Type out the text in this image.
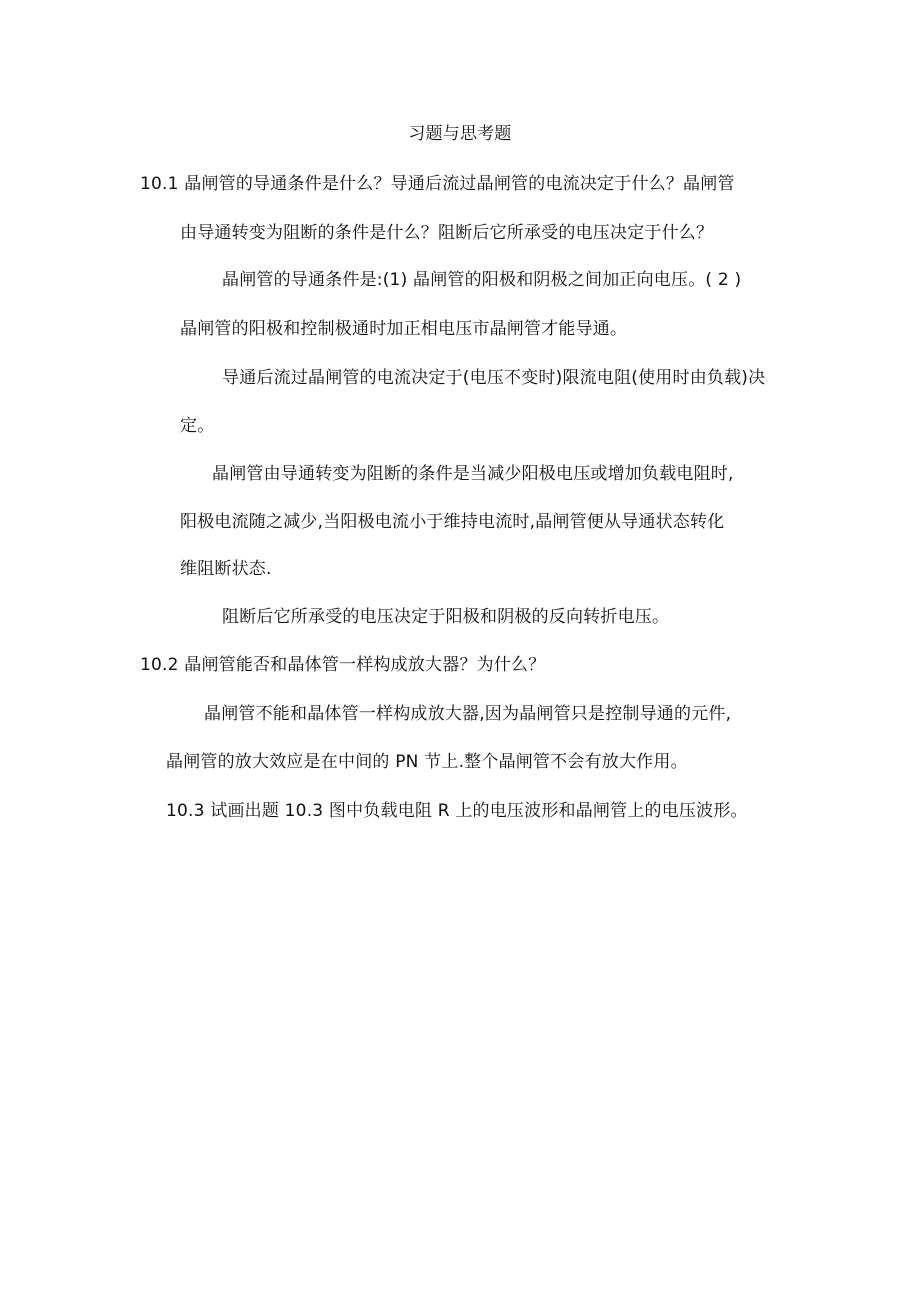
习题与思考题
10.1 晶闸管的导通条件是什么？导通后流过晶闸管的电流决定于什么？晶闸管
由导通转变为阻断的条件是什么？阻断后它所承受的电压决定于什么？
晶闸管的导通条件是:(1) 晶闸管的阳极和阴极之间加正向电压。( 2 )
晶闸管的阳极和控制极通时加正相电压市晶闸管才能导通。
导通后流过晶闸管的电流决定于(电压不变时)限流电阻(使用时由负载)决
定。
晶闸管由导通转变为阻断的条件是当减少阳极电压或增加负载电阻时,
阳极电流随之减少,当阳极电流小于维持电流时,晶闸管便从导通状态转化
维阻断状态.
阻断后它所承受的电压决定于阳极和阴极的反向转折电压。
10.2 晶闸管能否和晶体管一样构成放大器？为什么？
晶闸管不能和晶体管一样构成放大器,因为晶闸管只是控制导通的元件,
晶闸管的放大效应是在中间的 PN 节上.整个晶闸管不会有放大作用。
10.3 试画出题 10.3 图中负载电阻 R 上的电压波形和晶闸管上的电压波形。
